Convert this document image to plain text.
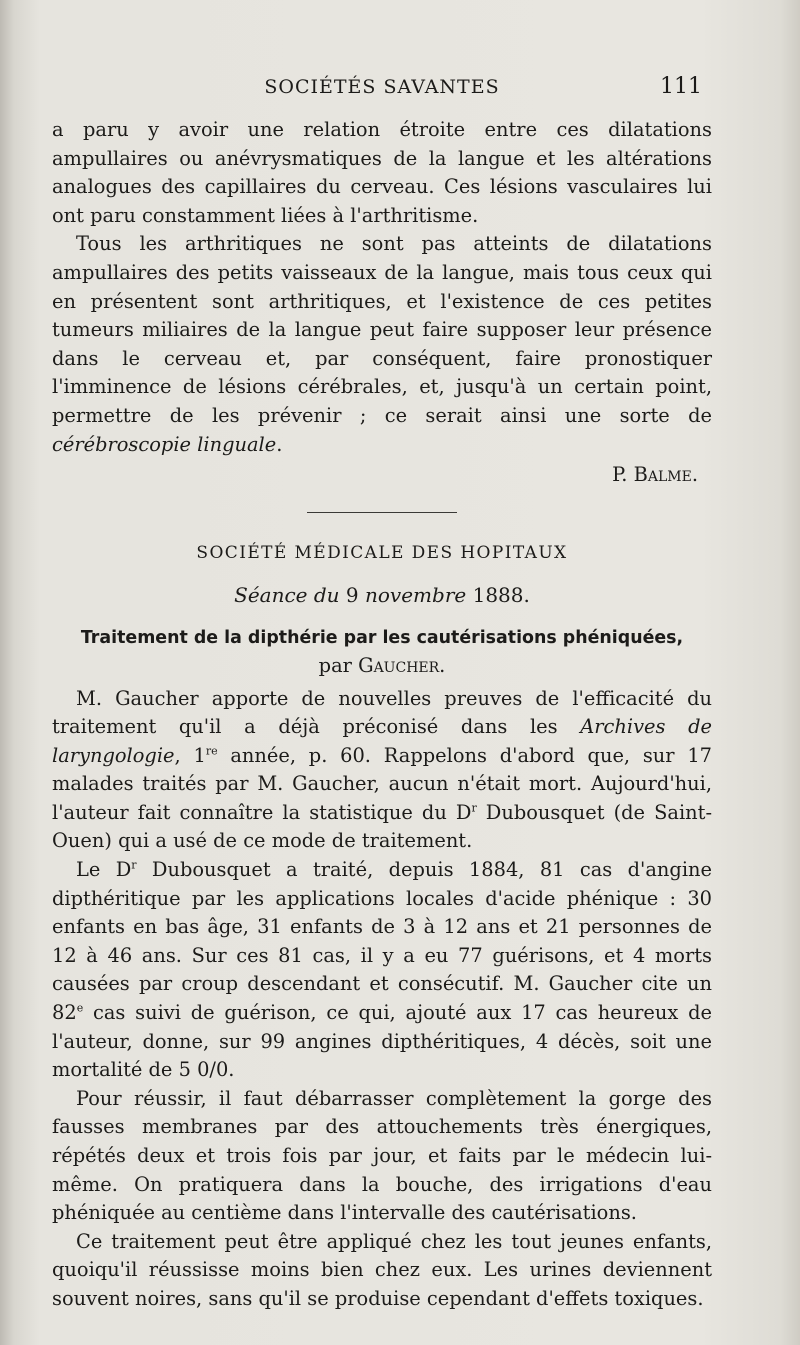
SOCIÉTÉS SAVANTES	111

a paru y avoir une relation étroite entre ces dilatations ampullaires ou anévrysmatiques de la langue et les altérations analogues des capillaires du cerveau. Ces lésions vasculaires lui ont paru constamment liées à l'arthritisme.

Tous les arthritiques ne sont pas atteints de dilatations ampullaires des petits vaisseaux de la langue, mais tous ceux qui en présentent sont arthritiques, et l'existence de ces petites tumeurs miliaires de la langue peut faire supposer leur présence dans le cerveau et, par conséquent, faire pronostiquer l'imminence de lésions cérébrales, et, jusqu'à un certain point, permettre de les prévenir ; ce serait ainsi une sorte de cérébroscopie linguale.

P. Balme.

SOCIÉTÉ MÉDICALE DES HOPITAUX

Séance du 9 novembre 1888.

Traitement de la dipthérie par les cautérisations phéniquées,

par Gaucher.

M. Gaucher apporte de nouvelles preuves de l'efficacité du traitement qu'il a déjà préconisé dans les Archives de laryngologie, 1re année, p. 60. Rappelons d'abord que, sur 17 malades traités par M. Gaucher, aucun n'était mort. Aujourd'hui, l'auteur fait connaître la statistique du $D^r$ Dubousquet (de Saint-Ouen) qui a usé de ce mode de traitement.

Le $D^r$ Dubousquet a traité, depuis 1884, 81 cas d'angine dipthéritique par les applications locales d'acide phénique : 30 enfants en bas âge, 31 enfants de 3 à 12 ans et 21 personnes de 12 à 46 ans. Sur ces 81 cas, il y a eu 77 guérisons, et 4 morts causées par croup descendant et consécutif. M. Gaucher cite un 82e cas suivi de guérison, ce qui, ajouté aux 17 cas heureux de l'auteur, donne, sur 99 angines dipthéritiques, 4 décès, soit une mortalité de 5 0/0.

Pour réussir, il faut débarrasser complètement la gorge des fausses membranes par des attouchements très énergiques, répétés deux et trois fois par jour, et faits par le médecin lui-même. On pratiquera dans la bouche, des irrigations d'eau phéniquée au centième dans l'intervalle des cautérisations.

Ce traitement peut être appliqué chez les tout jeunes enfants, quoiqu'il réussisse moins bien chez eux. Les urines deviennent souvent noires, sans qu'il se produise cependant d'effets toxiques.
